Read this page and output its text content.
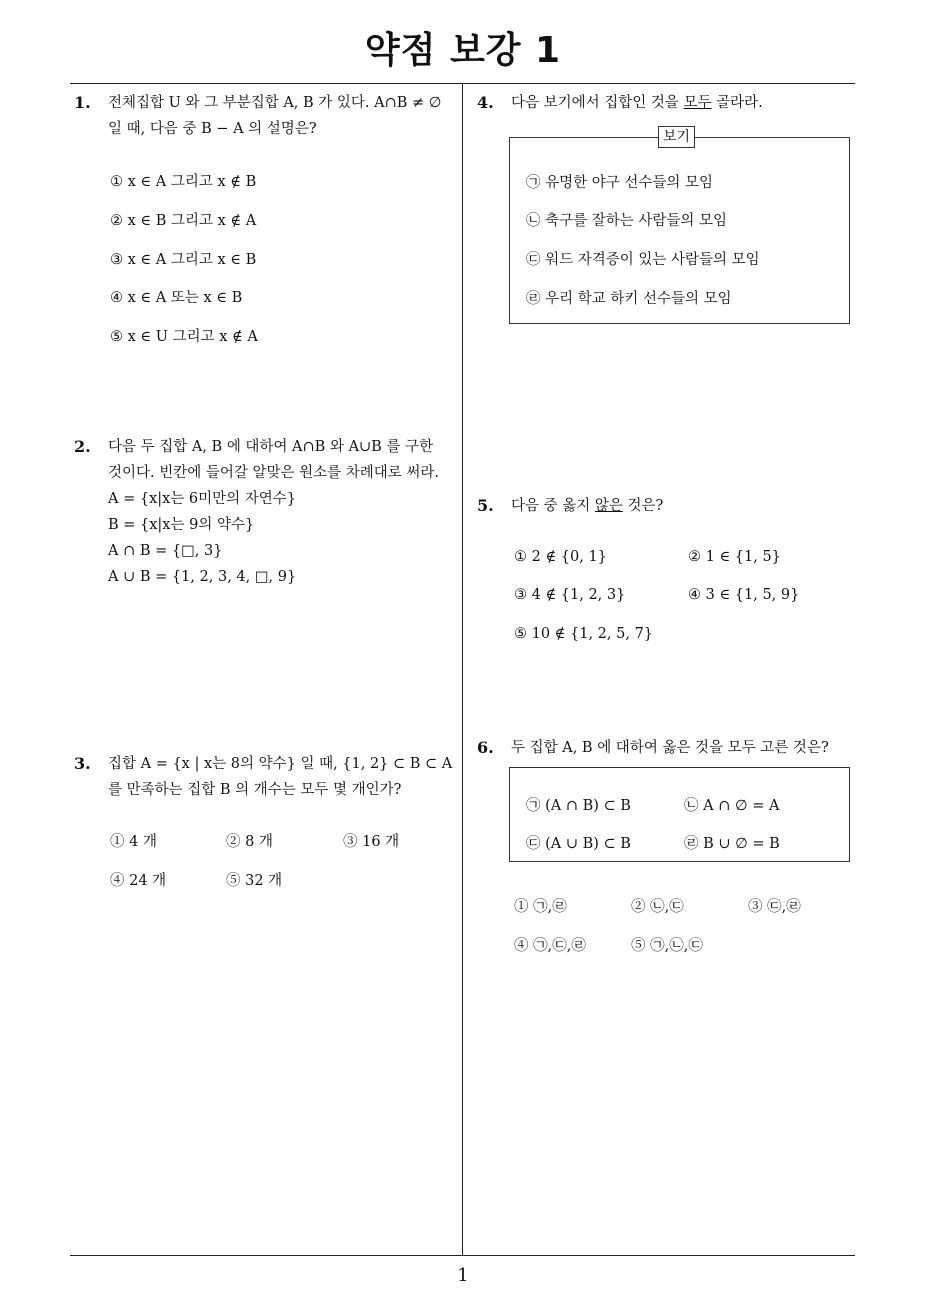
약점 보강 1
1
1. 전체집합 U 와 그 부분집합 A, B 가 있다. A∩B ≠ ∅
일 때, 다음 중 B − A 의 설명은?
① x ∈ A 그리고 x ∉ B
② x ∈ B 그리고 x ∉ A
③ x ∈ A 그리고 x ∈ B
④ x ∈ A 또는 x ∈ B
⑤ x ∈ U 그리고 x ∉ A
2. 다음 두 집합 A, B 에 대하여 A∩B 와 A∪B 를 구한
것이다. 빈칸에 들어갈 알맞은 원소를 차례대로 써라.
A = {x|x는 6미만의 자연수}
B = {x|x는 9의 약수}
A ∩ B = {□, 3}
A ∪ B = {1, 2, 3, 4, □, 9}
3. 집합 A = {x | x는 8의 약수} 일 때, {1, 2} ⊂ B ⊂ A
를 만족하는 집합 B 의 개수는 모두 몇 개인가?
① 4 개	② 8 개	③ 16 개
④ 24 개	⑤ 32 개
4. 다음 보기에서 집합인 것을 모두 골라라.
보기
㉠ 유명한 야구 선수들의 모임
㉡ 축구를 잘하는 사람들의 모임
㉢ 워드 자격증이 있는 사람들의 모임
㉣ 우리 학교 하키 선수들의 모임
5. 다음 중 옳지 않은 것은?
① 2 ∉ {0, 1}	② 1 ∈ {1, 5}
③ 4 ∉ {1, 2, 3}	④ 3 ∈ {1, 5, 9}
⑤ 10 ∉ {1, 2, 5, 7}
6. 두 집합 A, B 에 대하여 옳은 것을 모두 고른 것은?
㉠ (A ∩ B) ⊂ B	㉡ A ∩ ∅ = A
㉢ (A ∪ B) ⊂ B	㉣ B ∪ ∅ = B
① ㉠,㉣	② ㉡,㉢	③ ㉢,㉣
④ ㉠,㉢,㉣	⑤ ㉠,㉡,㉢
